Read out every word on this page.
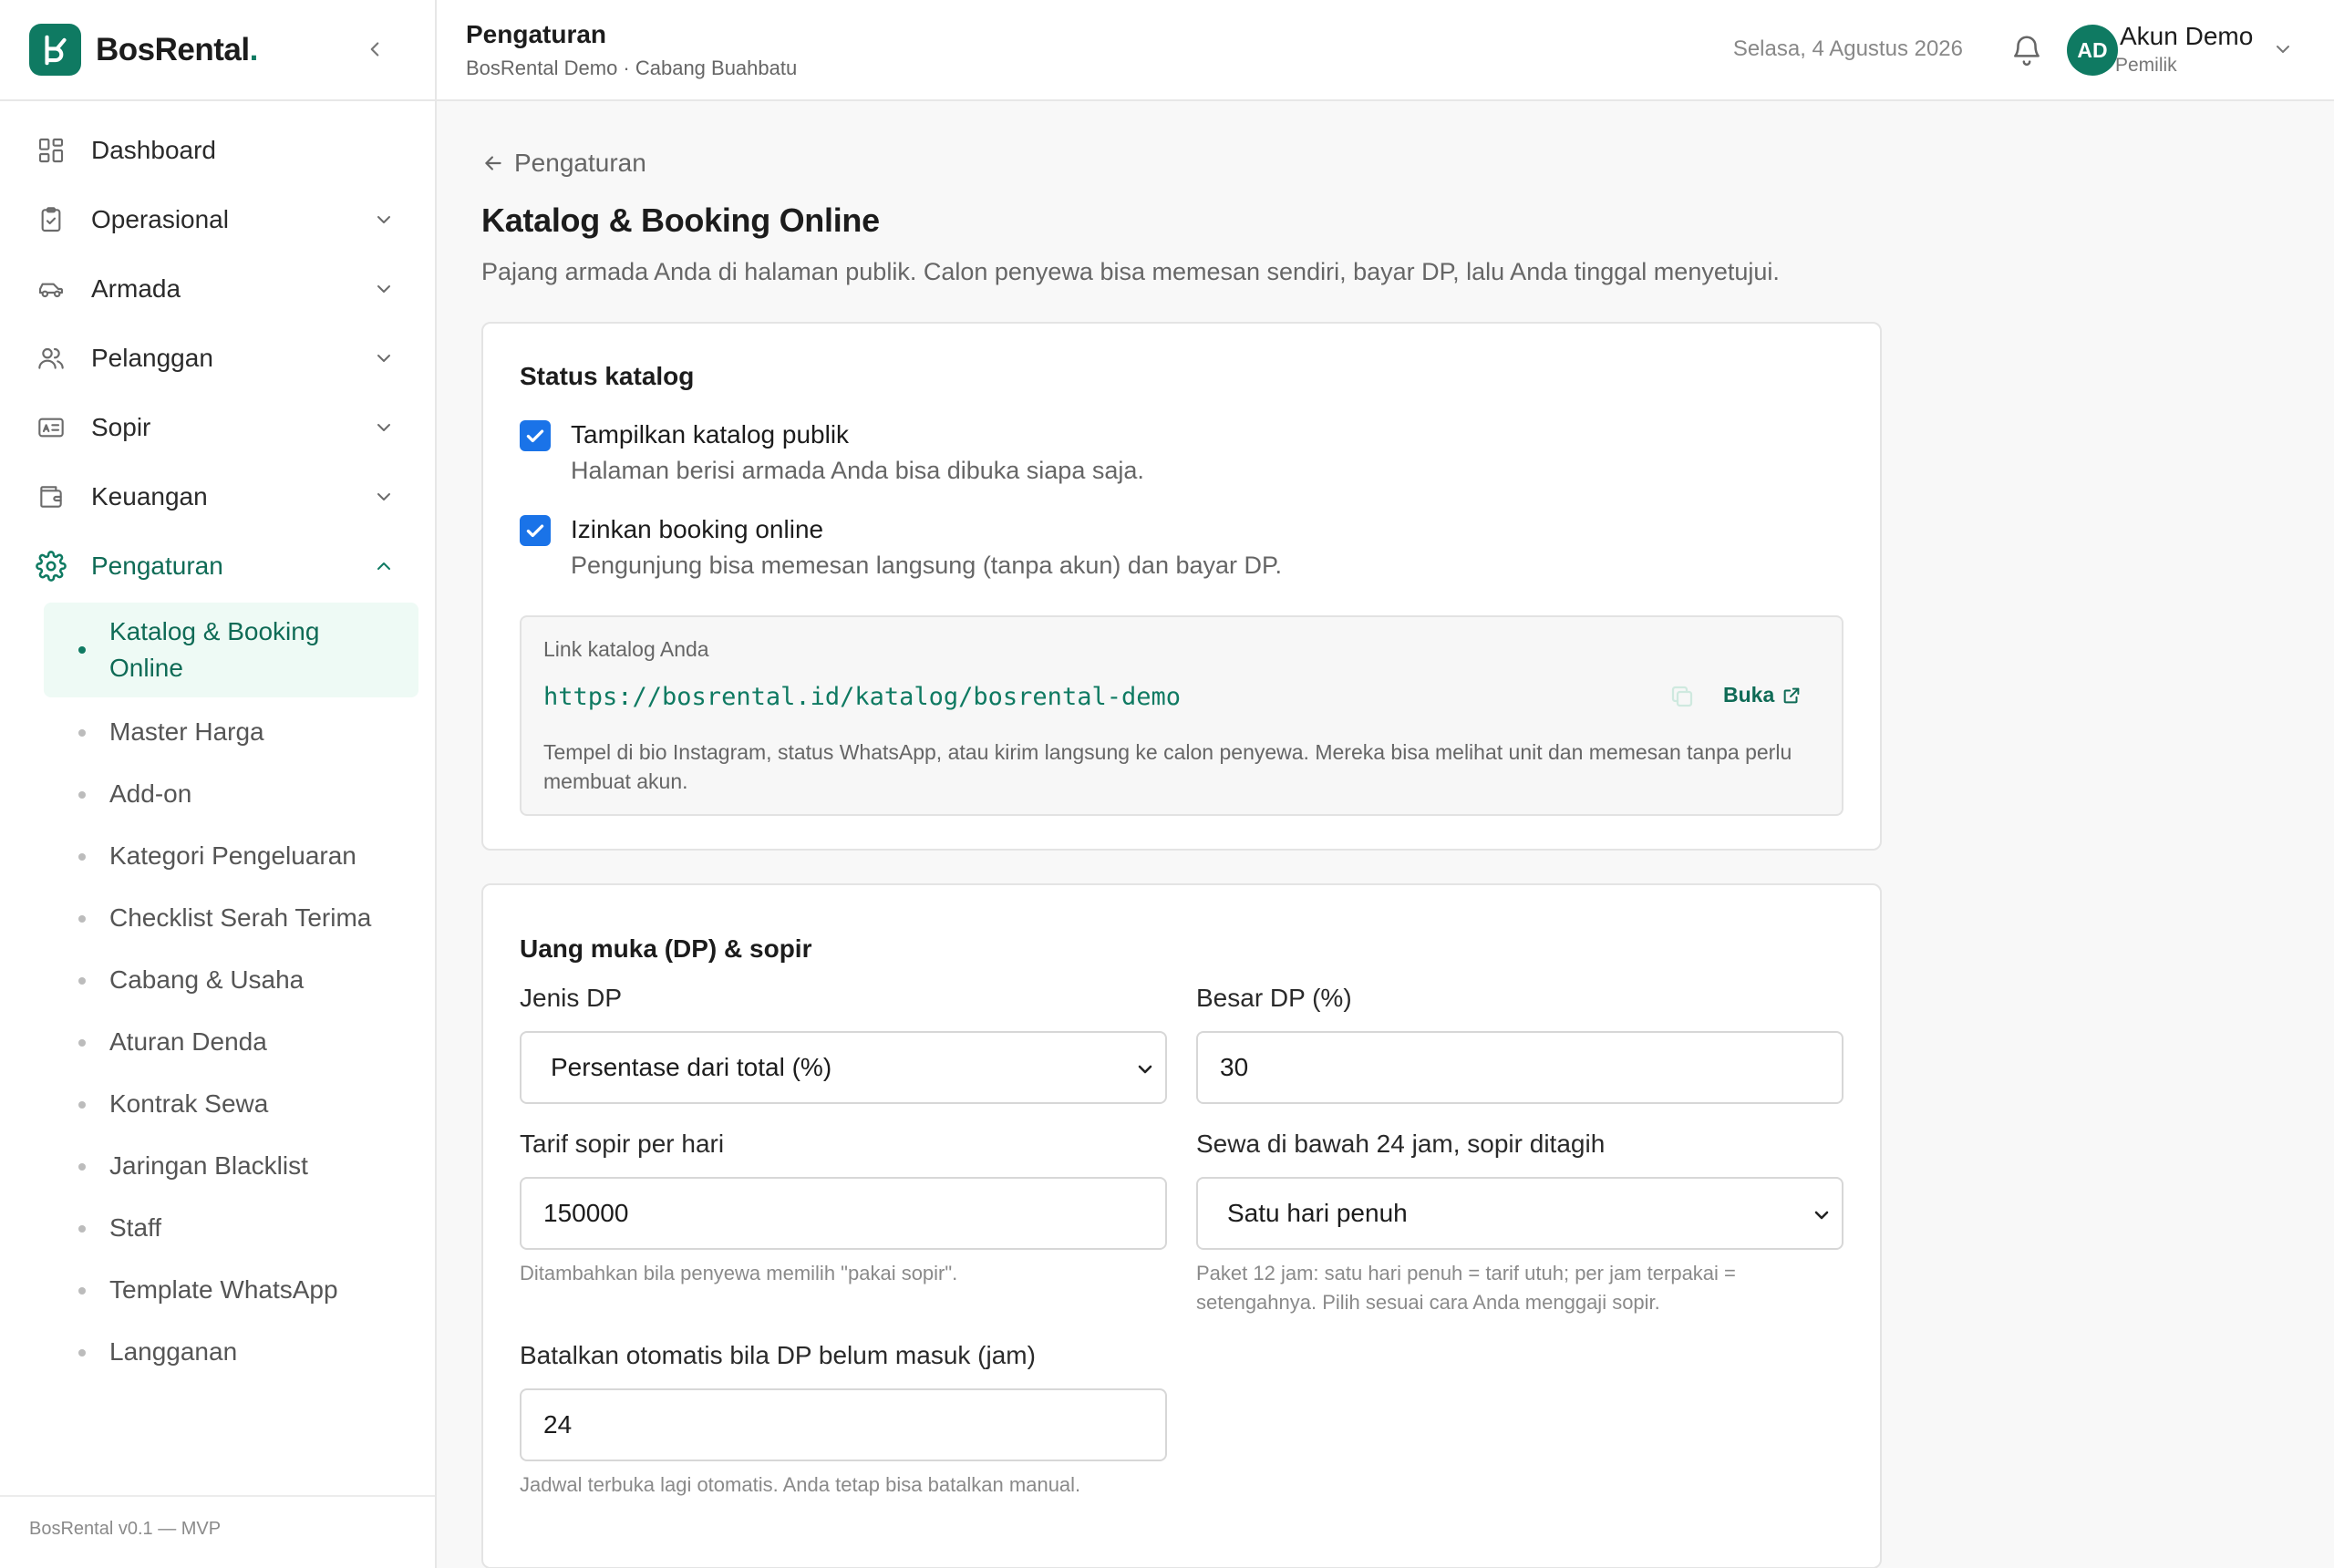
BosRental.
Dashboard
Operasional
Armada
Pelanggan
Sopir
Keuangan
Pengaturan
Katalog & Booking Online
Master Harga
Add-on
Kategori Pengeluaran
Checklist Serah Terima
Cabang & Usaha
Aturan Denda
Kontrak Sewa
Jaringan Blacklist
Staff
Template WhatsApp
Langganan
BosRental v0.1 — MVP
Pengaturan
BosRental Demo · Cabang Buahbatu
Selasa, 4 Agustus 2026	AD Akun Demo
Pemilik
Pengaturan
Katalog & Booking Online

Pajang armada Anda di halaman publik. Calon penyewa bisa memesan sendiri, bayar DP, lalu Anda tinggal menyetujui.

Status katalog
Tampilkan katalog publik
Halaman berisi armada Anda bisa dibuka siapa saja.
Izinkan booking online
Pengunjung bisa memesan langsung (tanpa akun) dan bayar DP.
Link katalog Anda
https://bosrental.id/katalog/bosrental-demo	Buka
Tempel di bio Instagram, status WhatsApp, atau kirim langsung ke calon penyewa. Mereka bisa melihat unit dan memesan tanpa perlu membuat akun.
Uang muka (DP) & sopir
Jenis DP
Persentase dari total (%)
Besar DP (%)
30
Tarif sopir per hari
150000
Ditambahkan bila penyewa memilih "pakai sopir".
Sewa di bawah 24 jam, sopir ditagih
Satu hari penuh
Paket 12 jam: satu hari penuh = tarif utuh; per jam terpakai = setengahnya. Pilih sesuai cara Anda menggaji sopir.
Batalkan otomatis bila DP belum masuk (jam)
24
Jadwal terbuka lagi otomatis. Anda tetap bisa batalkan manual.
